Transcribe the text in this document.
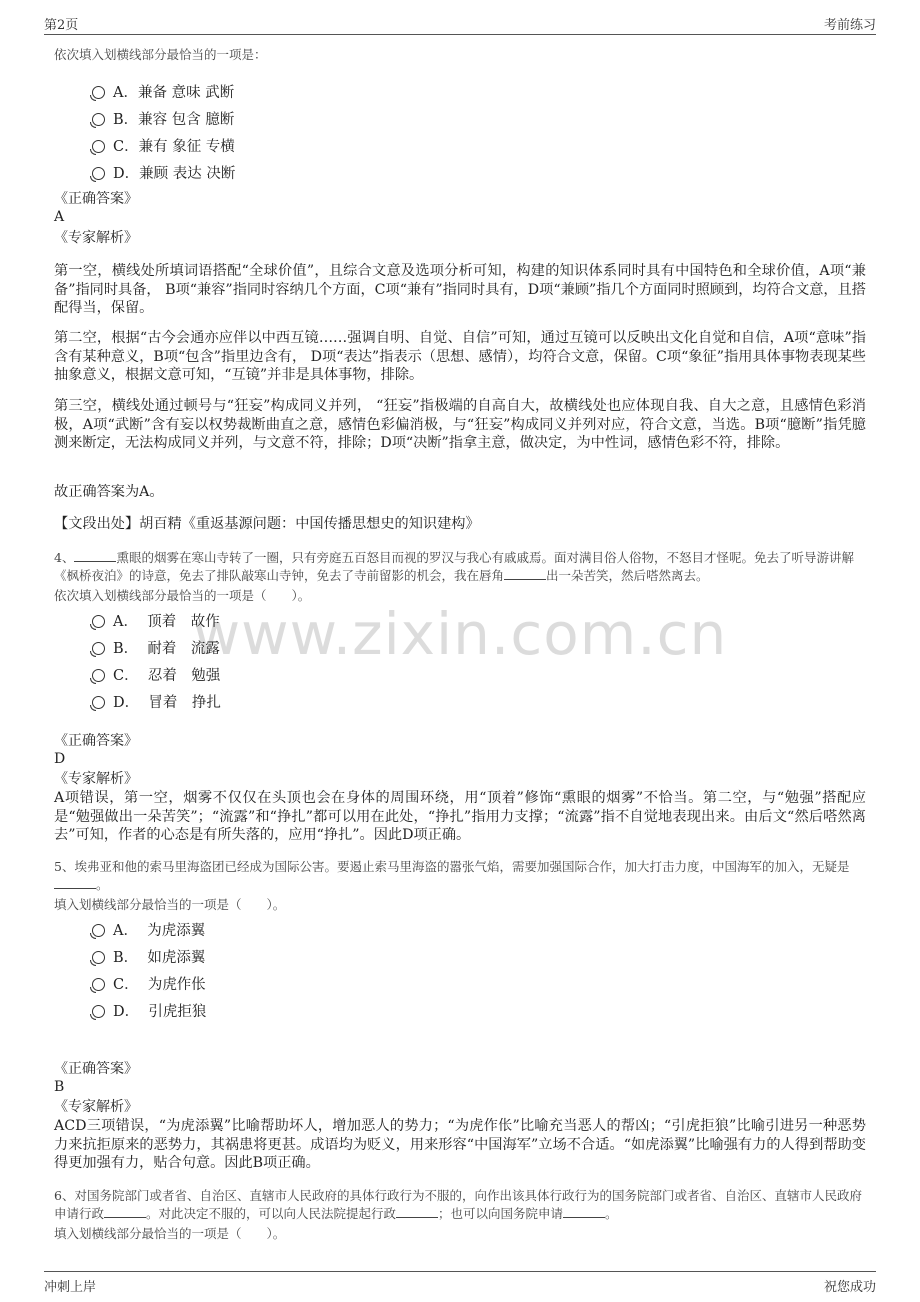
第2页	考前练习
www.zixin.com.cn
依次填入划横线部分最恰当的一项是：
A．兼备 意味 武断
B．兼容 包含 臆断
C．兼有 象征 专横
D．兼顾 表达 决断
《正确答案》
A
《专家解析》
第一空，横线处所填词语搭配“全球价值”，且综合文意及选项分析可知，构建的知识体系同时具有中国特色和全球价值，A项“兼备”指同时具备， B项“兼容”指同时容纳几个方面，C项“兼有”指同时具有，D项“兼顾”指几个方面同时照顾到，均符合文意，且搭配得当，保留。
第二空，根据“古今会通亦应伴以中西互镜……强调自明、自觉、自信”可知，通过互镜可以反映出文化自觉和自信，A项“意味”指含有某种意义，B项“包含”指里边含有， D项“表达”指表示（思想、感情），均符合文意，保留。C项“象征”指用具体事物表现某些抽象意义，根据文意可知，“互镜”并非是具体事物，排除。
第三空，横线处通过顿号与“狂妄”构成同义并列， “狂妄”指极端的自高自大，故横线处也应体现自我、自大之意，且感情色彩消极，A项“武断”含有妄以权势裁断曲直之意，感情色彩偏消极，与“狂妄”构成同义并列对应，符合文意，当选。B项“臆断”指凭臆测来断定，无法构成同义并列，与文意不符，排除；D项“决断”指拿主意，做决定，为中性词，感情色彩不符，排除。
故正确答案为A。
【文段出处】胡百精《重返基源问题：中国传播思想史的知识建构》
4、	熏眼的烟雾在寒山寺转了一圈，只有旁庭五百怒目而视的罗汉与我心有戚戚焉。面对满目俗人俗物，不怒目才怪呢。免去了听导游讲解《枫桥夜泊》的诗意，免去了排队敲寒山寺钟，免去了寺前留影的机会，我在唇角	出一朵苦笑，然后嗒然离去。
依次填入划横线部分最恰当的一项是（　　）。
A．  顶着　故作
B．  耐着　流露
C．  忍着　勉强
D．  冒着　挣扎
《正确答案》
D
《专家解析》
A项错误，第一空，烟雾不仅仅在头顶也会在身体的周围环绕，用“顶着”修饰“熏眼的烟雾”不恰当。第二空，与“勉强”搭配应是“勉强做出一朵苦笑”；“流露”和“挣扎”都可以用在此处，“挣扎”指用力支撑；“流露”指不自觉地表现出来。由后文“然后嗒然离去”可知，作者的心态是有所失落的，应用“挣扎”。因此D项正确。
5、埃弗亚和他的索马里海盗团已经成为国际公害。要遏止索马里海盗的嚣张气焰，需要加强国际合作，加大打击力度，中国海军的加入，无疑是。
填入划横线部分最恰当的一项是（　　）。
A．  为虎添翼
B．  如虎添翼
C．  为虎作伥
D．  引虎拒狼
《正确答案》
B
《专家解析》
ACD三项错误，“为虎添翼”比喻帮助坏人，增加恶人的势力；“为虎作伥”比喻充当恶人的帮凶；“引虎拒狼”比喻引进另一种恶势力来抗拒原来的恶势力，其祸患将更甚。成语均为贬义，用来形容“中国海军”立场不合适。“如虎添翼”比喻强有力的人得到帮助变得更加强有力，贴合句意。因此B项正确。
6、对国务院部门或者省、自治区、直辖市人民政府的具体行政行为不服的，向作出该具体行政行为的国务院部门或者省、自治区、直辖市人民政府申请行政	。对此决定不服的，可以向人民法院提起行政	；也可以向国务院申请	。
填入划横线部分最恰当的一项是（　　）。
冲刺上岸	祝您成功
